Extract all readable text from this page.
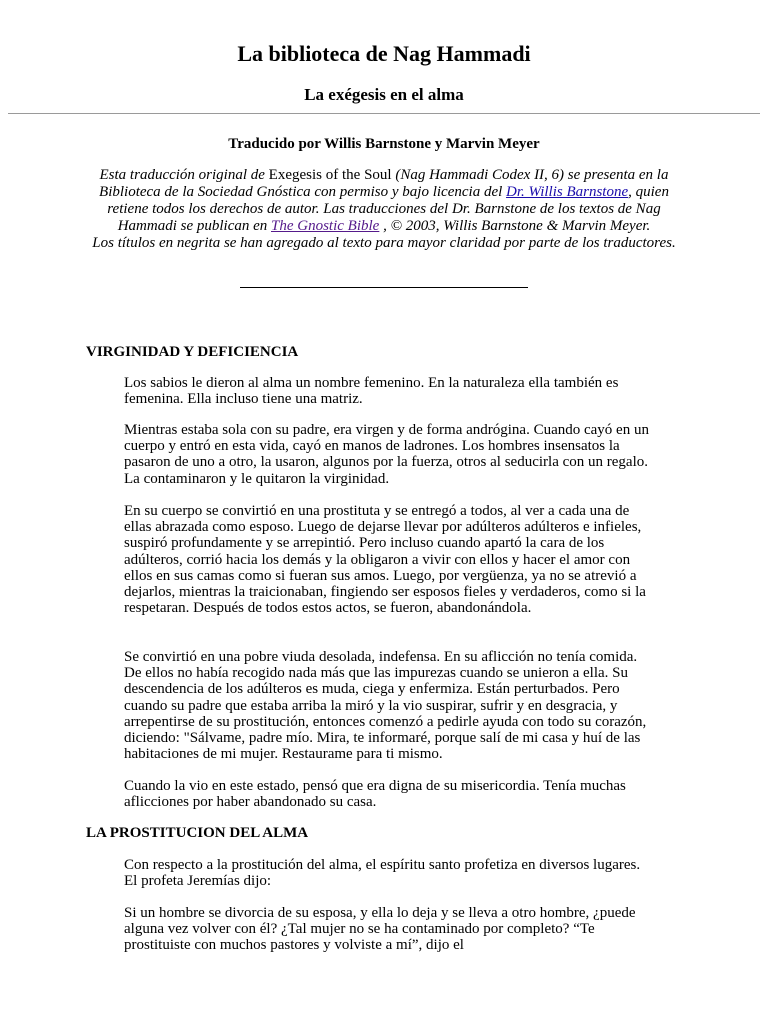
La biblioteca de Nag Hammadi
La exégesis en el alma
Traducido por Willis Barnstone y Marvin Meyer
Esta traducción original de Exegesis of the Soul (Nag Hammadi Codex II, 6) se presenta en la Biblioteca de la Sociedad Gnóstica con permiso y bajo licencia del Dr. Willis Barnstone, quien retiene todos los derechos de autor. Las traducciones del Dr. Barnstone de los textos de Nag Hammadi se publican en The Gnostic Bible , © 2003, Willis Barnstone & Marvin Meyer.
Los títulos en negrita se han agregado al texto para mayor claridad por parte de los traductores.
VIRGINIDAD Y DEFICIENCIA

Los sabios le dieron al alma un nombre femenino. En la naturaleza ella también es femenina. Ella incluso tiene una matriz.

Mientras estaba sola con su padre, era virgen y de forma andrógina. Cuando cayó en un cuerpo y entró en esta vida, cayó en manos de ladrones. Los hombres insensatos la pasaron de uno a otro, la usaron, algunos por la fuerza, otros al seducirla con un regalo. La contaminaron y le quitaron la virginidad.

En su cuerpo se convirtió en una prostituta y se entregó a todos, al ver a cada una de ellas abrazada como esposo. Luego de dejarse llevar por adúlteros adúlteros e infieles, suspiró profundamente y se arrepintió. Pero incluso cuando apartó la cara de los adúlteros, corrió hacia los demás y la obligaron a vivir con ellos y hacer el amor con ellos en sus camas como si fueran sus amos. Luego, por vergüenza, ya no se atrevió a dejarlos, mientras la traicionaban, fingiendo ser esposos fieles y verdaderos, como si la respetaran. Después de todos estos actos, se fueron, abandonándola.

Se convirtió en una pobre viuda desolada, indefensa. En su aflicción no tenía comida. De ellos no había recogido nada más que las impurezas cuando se unieron a ella. Su descendencia de los adúlteros es muda, ciega y enfermiza. Están perturbados. Pero cuando su padre que estaba arriba la miró y la vio suspirar, sufrir y en desgracia, y arrepentirse de su prostitución, entonces comenzó a pedirle ayuda con todo su corazón, diciendo: "Sálvame, padre mío. Mira, te informaré, porque salí de mi casa y huí de las habitaciones de mi mujer. Restaurame para ti mismo.

Cuando la vio en este estado, pensó que era digna de su misericordia. Tenía muchas aflicciones por haber abandonado su casa.

LA PROSTITUCION DEL ALMA

Con respecto a la prostitución del alma, el espíritu santo profetiza en diversos lugares. El profeta Jeremías dijo:

Si un hombre se divorcia de su esposa, y ella lo deja y se lleva a otro hombre, ¿puede alguna vez volver con él? ¿Tal mujer no se ha contaminado por completo? “Te prostituiste con muchos pastores y volviste a mí”, dijo el
